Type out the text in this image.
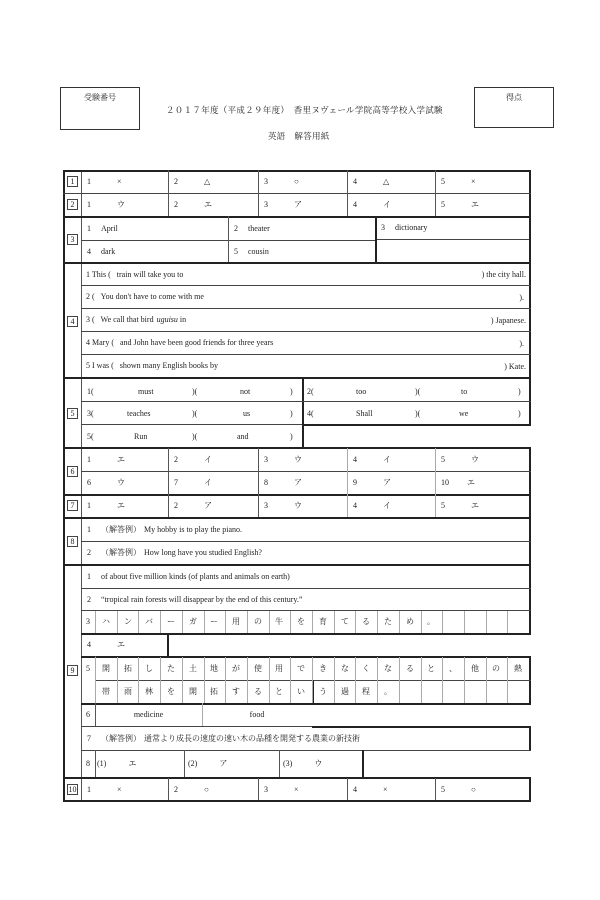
受験番号	得点
２０１７年度（平成２９年度）　香里ヌヴェール学院高等学校入学試験
英語　解答用紙
1
2
1	×	2	△	3	○	4	△	5	×
1	ウ	2	エ	3	ア	4	イ	5	エ
3
1	April	2	theater	3	dictionary
4	dark	5	cousin
4
1 This ( train will take you to	) the city hall.
2 ( You don't have to come with me	).
3 ( We call that bird uguisu in	) Japanese.
4 Mary ( and John have been good friends for three years	).
5 I was ( shown many English books by	) Kate.
5
1(	must	)(	not	) 2(	too	)(	to	)
3(	teaches	)(	us	) 4(	Shall	)(	we	)
5(	Run	)(	and	)
6
1	エ	2	イ	3	ウ	4	イ	5	ウ
6	ウ	7	イ	8	ア	9	ア	10	エ
7	1	エ	2	ア	3	ウ	4	イ	5	エ
8
1	（解答例） My hobby is to play the piano.
2	（解答例） How long have you studied English?
9
1	of about five million kinds (of plants and animals on earth)
2	“tropical rain forests will disappear by the end of this century.”
3	ハ	ン	バ	ー	ガ	ー	用	の	牛	を	育	て	る	た	め	。
4	エ
5	開	拓	し	た	土	地	が	使	用	で	き	な	く	な	る	と	、	他	の	熱
帯	雨	林	を	開	拓	す	る	と	い	う	過	程	。
6	medicine	food
7	（解答例） 通常より成長の速度の速い木の品種を開発する農業の新技術
8 (1)	エ	(2)	ア	(3)	ウ
10 1	×	2	○	3	×	4	×	5	○
